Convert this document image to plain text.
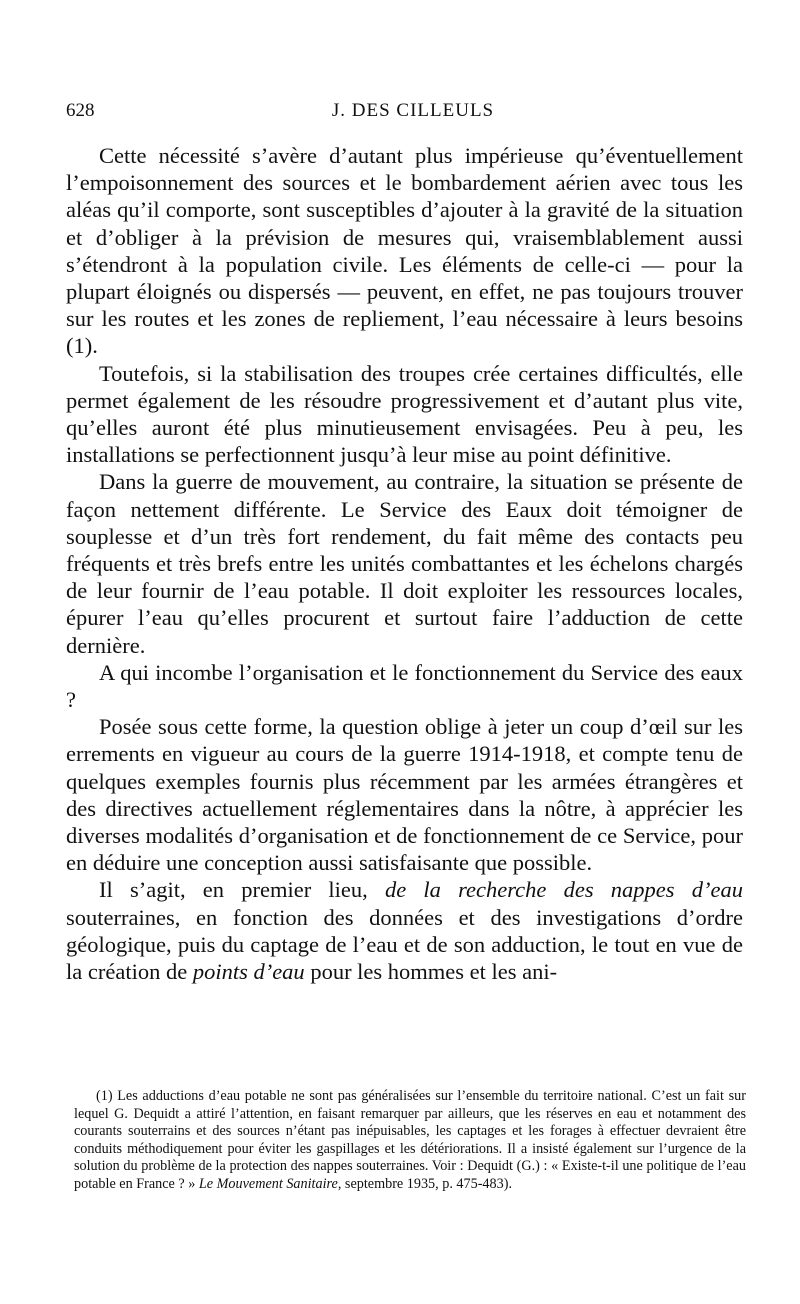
628	J. DES CILLEULS

Cette nécessité s’avère d’autant plus impérieuse qu’éventuellement l’empoisonnement des sources et le bombardement aérien avec tous les aléas qu’il comporte, sont susceptibles d’ajouter à la gravité de la situation et d’obliger à la prévision de mesures qui, vraisemblablement aussi s’étendront à la population civile. Les éléments de celle-ci — pour la plupart éloignés ou dispersés — peuvent, en effet, ne pas toujours trouver sur les routes et les zones de repliement, l’eau nécessaire à leurs besoins (1).

Toutefois, si la stabilisation des troupes crée certaines difficultés, elle permet également de les résoudre progressivement et d’autant plus vite, qu’elles auront été plus minutieusement envisagées. Peu à peu, les installations se perfectionnent jusqu’à leur mise au point définitive.

Dans la guerre de mouvement, au contraire, la situation se présente de façon nettement différente. Le Service des Eaux doit témoigner de souplesse et d’un très fort rendement, du fait même des contacts peu fréquents et très brefs entre les unités combattantes et les échelons chargés de leur fournir de l’eau potable. Il doit exploiter les ressources locales, épurer l’eau qu’elles procurent et surtout faire l’adduction de cette dernière.

A qui incombe l’organisation et le fonctionnement du Service des eaux ?

Posée sous cette forme, la question oblige à jeter un coup d’œil sur les errements en vigueur au cours de la guerre 1914-1918, et compte tenu de quelques exemples fournis plus récemment par les armées étrangères et des directives actuellement réglementaires dans la nôtre, à apprécier les diverses modalités d’organisation et de fonctionnement de ce Service, pour en déduire une conception aussi satisfaisante que possible.

Il s’agit, en premier lieu, de la recherche des nappes d’eau souterraines, en fonction des données et des investigations d’ordre géologique, puis du captage de l’eau et de son adduction, le tout en vue de la création de points d’eau pour les hommes et les ani-

(1) Les adductions d’eau potable ne sont pas généralisées sur l’ensemble du territoire national. C’est un fait sur lequel G. Dequidt a attiré l’attention, en faisant remarquer par ailleurs, que les réserves en eau et notamment des courants souterrains et des sources n’étant pas inépuisables, les captages et les forages à effectuer devraient être conduits méthodiquement pour éviter les gaspillages et les détériorations. Il a insisté également sur l’urgence de la solution du problème de la protection des nappes souterraines. Voir : Dequidt (G.) : « Existe-t-il une politique de l’eau potable en France ? » Le Mouvement Sanitaire, septembre 1935, p. 475-483).
